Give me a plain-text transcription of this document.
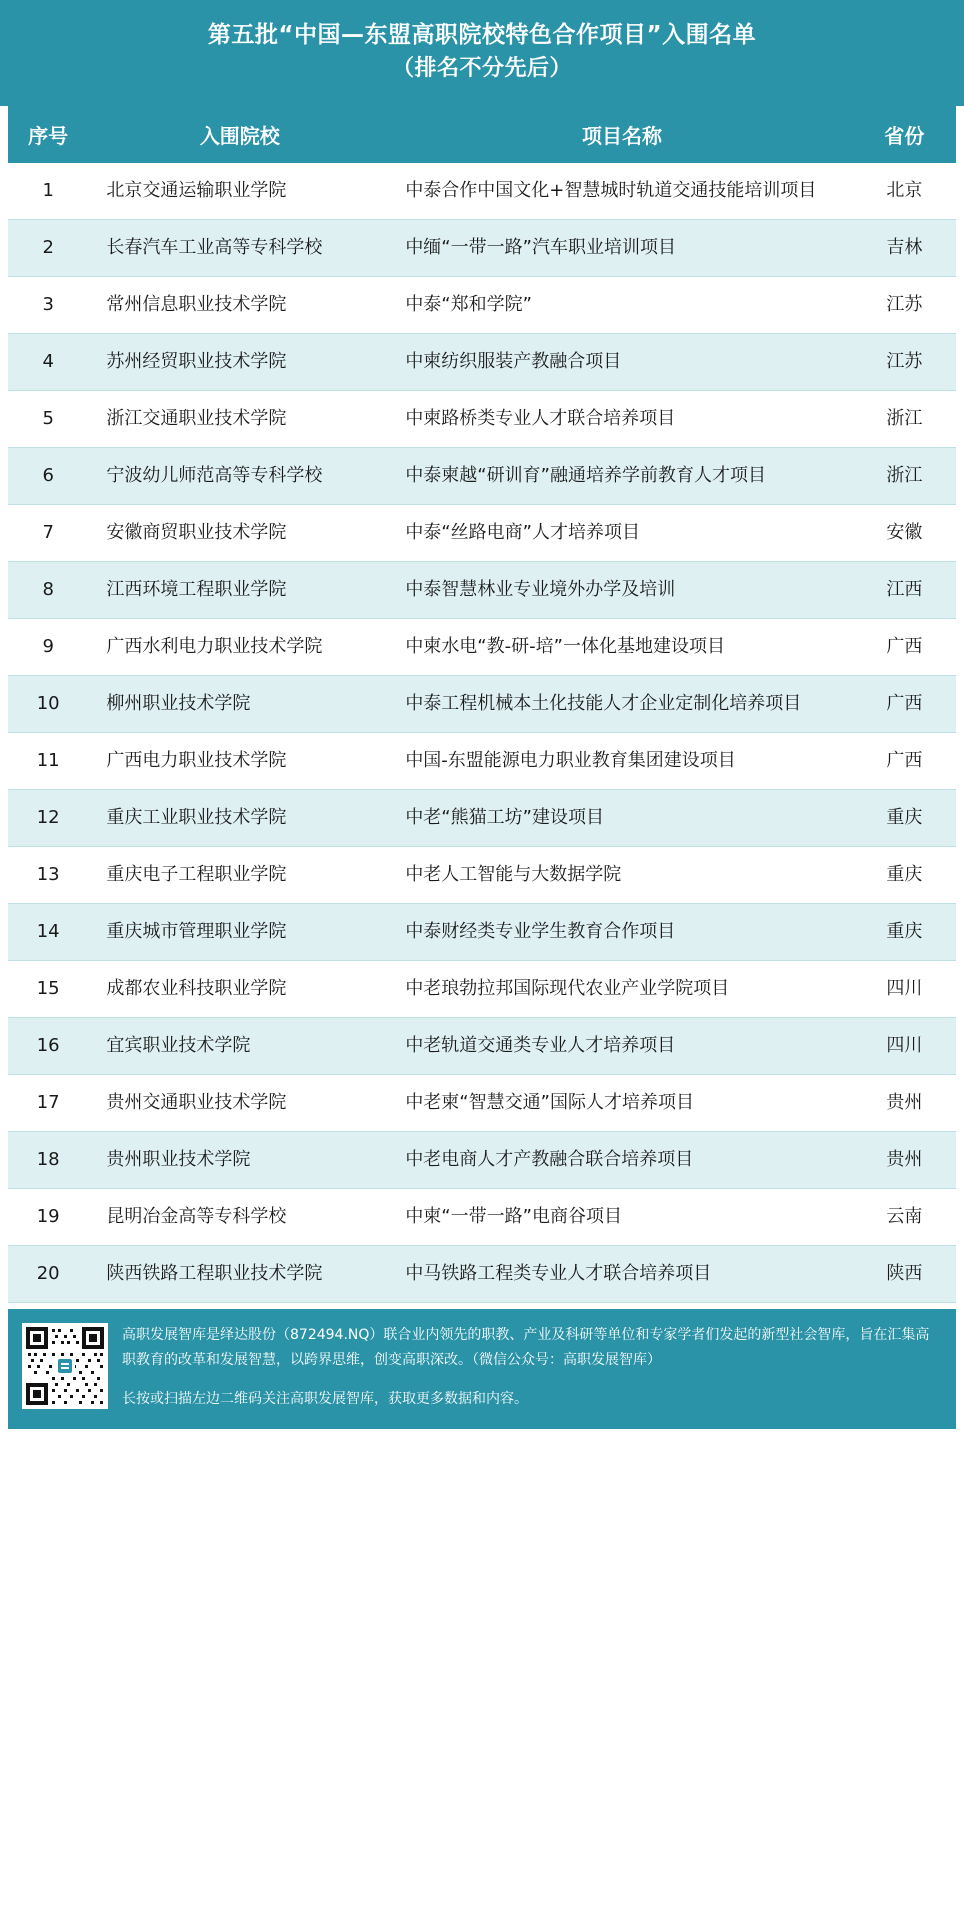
第五批“中国—东盟高职院校特色合作项目”入围名单
（排名不分先后）
序号	入围院校	项目名称	省份
1	北京交通运输职业学院	中泰合作中国文化+智慧城时轨道交通技能培训项目	北京
2	长春汽车工业高等专科学校	中缅“一带一路”汽车职业培训项目	吉林
3	常州信息职业技术学院	中泰“郑和学院”	江苏
4	苏州经贸职业技术学院	中柬纺织服装产教融合项目	江苏
5	浙江交通职业技术学院	中柬路桥类专业人才联合培养项目	浙江
6	宁波幼儿师范高等专科学校	中泰柬越“研训育”融通培养学前教育人才项目	浙江
7	安徽商贸职业技术学院	中泰“丝路电商”人才培养项目	安徽
8	江西环境工程职业学院	中泰智慧林业专业境外办学及培训	江西
9	广西水利电力职业技术学院	中柬水电“教-研-培”一体化基地建设项目	广西
10	柳州职业技术学院	中泰工程机械本土化技能人才企业定制化培养项目	广西
11	广西电力职业技术学院	中国-东盟能源电力职业教育集团建设项目	广西
12	重庆工业职业技术学院	中老“熊猫工坊”建设项目	重庆
13	重庆电子工程职业学院	中老人工智能与大数据学院	重庆
14	重庆城市管理职业学院	中泰财经类专业学生教育合作项目	重庆
15	成都农业科技职业学院	中老琅勃拉邦国际现代农业产业学院项目	四川
16	宜宾职业技术学院	中老轨道交通类专业人才培养项目	四川
17	贵州交通职业技术学院	中老柬“智慧交通”国际人才培养项目	贵州
18	贵州职业技术学院	中老电商人才产教融合联合培养项目	贵州
19	昆明冶金高等专科学校	中柬“一带一路”电商谷项目	云南
20	陕西铁路工程职业技术学院	中马铁路工程类专业人才联合培养项目	陕西
高职发展智库是绎达股份（872494.NQ）联合业内领先的职教、产业及科研等单位和专家学者们发起的新型社会智库，旨在汇集高职教育的改革和发展智慧，以跨界思维，创变高职深改。（微信公众号：高职发展智库）
长按或扫描左边二维码关注高职发展智库，获取更多数据和内容。
